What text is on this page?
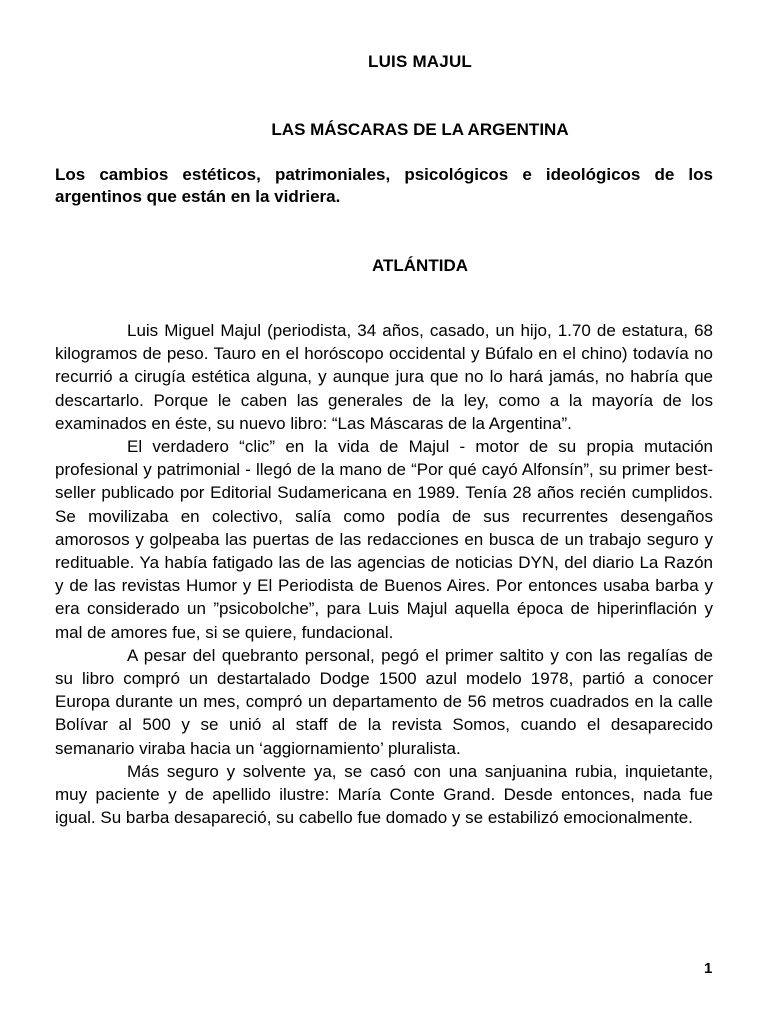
LUIS MAJUL
LAS MÁSCARAS DE LA ARGENTINA
Los cambios estéticos, patrimoniales, psicológicos e ideológicos de los argentinos que están en la vidriera.
ATLÁNTIDA

Luis Miguel Majul (periodista, 34 años, casado, un hijo, 1.70 de estatura, 68 kilogramos de peso. Tauro en el horóscopo occidental y Búfalo en el chino) todavía no recurrió a cirugía estética alguna, y aunque jura que no lo hará jamás, no habría que descartarlo. Porque le caben las generales de la ley, como a la mayoría de los examinados en éste, su nuevo libro: “Las Máscaras de la Argentina”.

El verdadero “clic” en la vida de Majul - motor de su propia mutación profesional y patrimonial - llegó de la mano de “Por qué cayó Alfonsín”, su primer best-seller publicado por Editorial Sudamericana en 1989. Tenía 28 años recién cumplidos. Se movilizaba en colectivo, salía como podía de sus recurrentes desengaños amorosos y golpeaba las puertas de las redacciones en busca de un trabajo seguro y redituable. Ya había fatigado las de las agencias de noticias DYN, del diario La Razón y de las revistas Humor y El Periodista de Buenos Aires. Por entonces usaba barba y era considerado un ”psicobolche”, para Luis Majul aquella época de hiperinflación y mal de amores fue, si se quiere, fundacional.

A pesar del quebranto personal, pegó el primer saltito y con las regalías de su libro compró un destartalado Dodge 1500 azul modelo 1978, partió a conocer Europa durante un mes, compró un departamento de 56 metros cuadrados en la calle Bolívar al 500 y se unió al staff de la revista Somos, cuando el desaparecido semanario viraba hacia un ‘aggiornamiento’ pluralista.

Más seguro y solvente ya, se casó con una sanjuanina rubia, inquietante, muy paciente y de apellido ilustre: María Conte Grand. Desde entonces, nada fue igual. Su barba desapareció, su cabello fue domado y se estabilizó emocionalmente.

1
